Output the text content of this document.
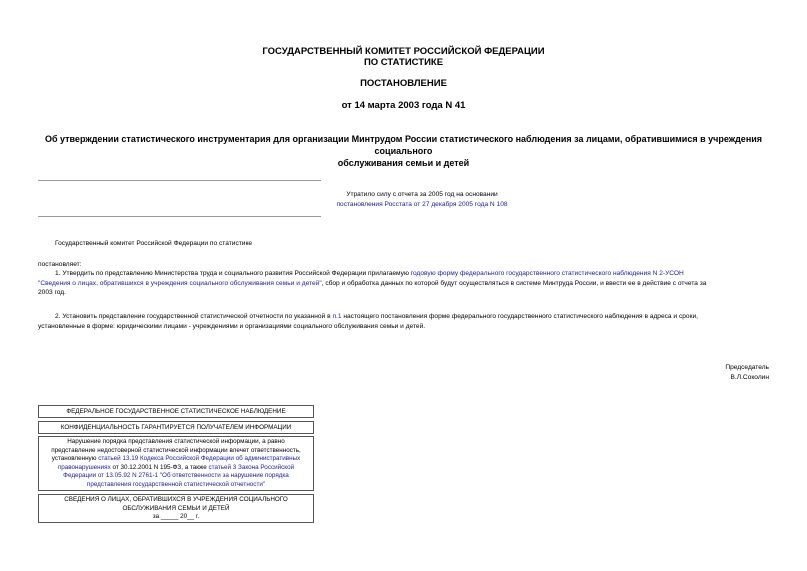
ГОСУДАРСТВЕННЫЙ КОМИТЕТ РОССИЙСКОЙ ФЕДЕРАЦИИ
ПО СТАТИСТИКЕ
ПОСТАНОВЛЕНИЕ
от 14 марта 2003 года N 41
Об утверждении статистического инструментария для организации Минтрудом России статистического наблюдения за лицами, обратившимися в учреждения
социального
обслуживания семьи и детей
Утратило силу с отчета за 2005 год на основании
постановления Росстата от 27 декабря 2005 года N 108
Государственный комитет Российской Федерации по статистике
постановляет:
1. Утвердить по представлению Министерства труда и социального развития Российской Федерации прилагаемую годовую форму федерального государственного статистического наблюдения N 2-УСОН
"Сведения о лицах, обратившихся в учреждения социального обслуживания семьи и детей", сбор и обработка данных по которой будут осуществляться в системе Минтруда России, и ввести ее в действие с отчета за
2003 год.
2. Установить представление государственной статистической отчетности по указанной в п.1 настоящего постановления форме федерального государственного статистического наблюдения в адреса и сроки,
установленные в форме: юридическими лицами - учреждениями и организациями социального обслуживания семьи и детей.
Председатель
В.Л.Соколин
ФЕДЕРАЛЬНОЕ ГОСУДАРСТВЕННОЕ СТАТИСТИЧЕСКОЕ НАБЛЮДЕНИЕ
КОНФИДЕНЦИАЛЬНОСТЬ ГАРАНТИРУЕТСЯ ПОЛУЧАТЕЛЕМ ИНФОРМАЦИИ
Нарушение порядка представления статистической информации, а равно
представление недостоверной статистической информации влечет ответственность,
установленную статьей 13.19 Кодекса Российской Федерации об административных
правонарушениях от 30.12.2001 N 195-ФЗ, а также статьей 3 Закона Российской
Федерации от 13.05.92 N 2761-1 "Об ответственности за нарушение порядка
представления государственной статистической отчетности"
СВЕДЕНИЯ О ЛИЦАХ, ОБРАТИВШИХСЯ В УЧРЕЖДЕНИЯ СОЦИАЛЬНОГО
ОБСЛУЖИВАНИЯ СЕМЬИ И ДЕТЕЙ
за _____ 20__ г.
